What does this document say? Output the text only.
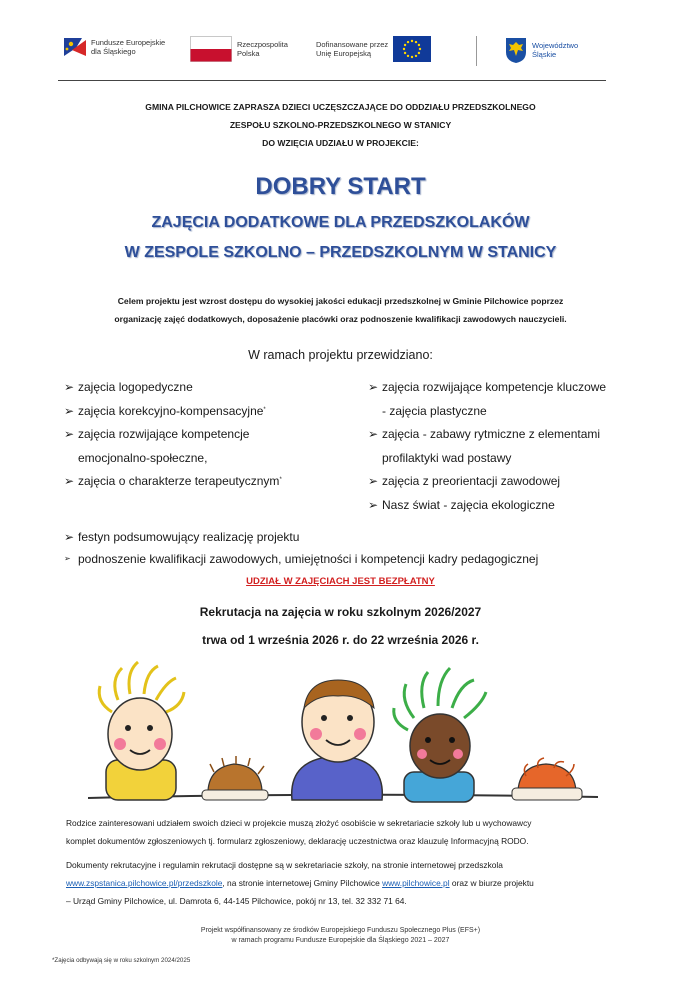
Fundusze Europejskie
dla Śląskiego
Rzeczpospolita
Polska
Dofinansowane przez
Unię Europejską
Województwo
Śląskie
GMINA PILCHOWICE ZAPRASZA DZIECI UCZĘSZCZAJĄCE DO ODDZIAŁU PRZEDSZKOLNEGO
ZESPOŁU SZKOLNO-PRZEDSZKOLNEGO W STANICY
DO WZIĘCIA UDZIAŁU W PROJEKCIE:
DOBRY START
ZAJĘCIA DODATKOWE DLA PRZEDSZKOLAKÓW
W ZESPOLE SZKOLNO – PRZEDSZKOLNYM W STANICY
Celem projektu jest wzrost dostępu do wysokiej jakości edukacji przedszkolnej w Gminie Pilchowice poprzez
organizację zajęć dodatkowych, doposażenie placówki oraz podnoszenie kwalifikacji zawodowych nauczycieli.
W ramach projektu przewidziano:
➢ zajęcia logopedyczne
➢ zajęcia korekcyjno-kompensacyjne*
➢ zajęcia rozwijające kompetencje
emocjonalno-społeczne,
➢ zajęcia o charakterze terapeutycznym*
➢ zajęcia rozwijające kompetencje kluczowe
- zajęcia plastyczne
➢ zajęcia - zabawy rytmiczne z elementami
profilaktyki wad postawy
➢ zajęcia z preorientacji zawodowej
➢ Nasz świat - zajęcia ekologiczne
➢ festyn podsumowujący realizację projektu
➢ podnoszenie kwalifikacji zawodowych, umiejętności i kompetencji kadry pedagogicznej
UDZIAŁ W ZAJĘCIACH JEST BEZPŁATNY
Rekrutacja na zajęcia w roku szkolnym 2026/2027
trwa od 1 września 2026 r. do 22 września 2026 r.
Rodzice zainteresowani udziałem swoich dzieci w projekcie muszą złożyć osobiście w sekretariacie szkoły lub u wychowawcy
komplet dokumentów zgłoszeniowych tj. formularz zgłoszeniowy, deklarację uczestnictwa oraz klauzulę Informacyjną RODO.
Dokumenty rekrutacyjne i regulamin rekrutacji dostępne są w sekretariacie szkoły, na stronie internetowej przedszkola
www.zspstanica.pilchowice.pl/przedszkole, na stronie internetowej Gminy Pilchowice www.pilchowice.pl oraz w biurze projektu
– Urząd Gminy Pilchowice, ul. Damrota 6, 44-145 Pilchowice, pokój nr 13, tel. 32 332 71 64.
Projekt współfinansowany ze środków Europejskiego Funduszu Społecznego Plus (EFS+)
w ramach programu Fundusze Europejskie dla Śląskiego 2021 – 2027
*Zajęcia odbywają się w roku szkolnym 2024/2025
